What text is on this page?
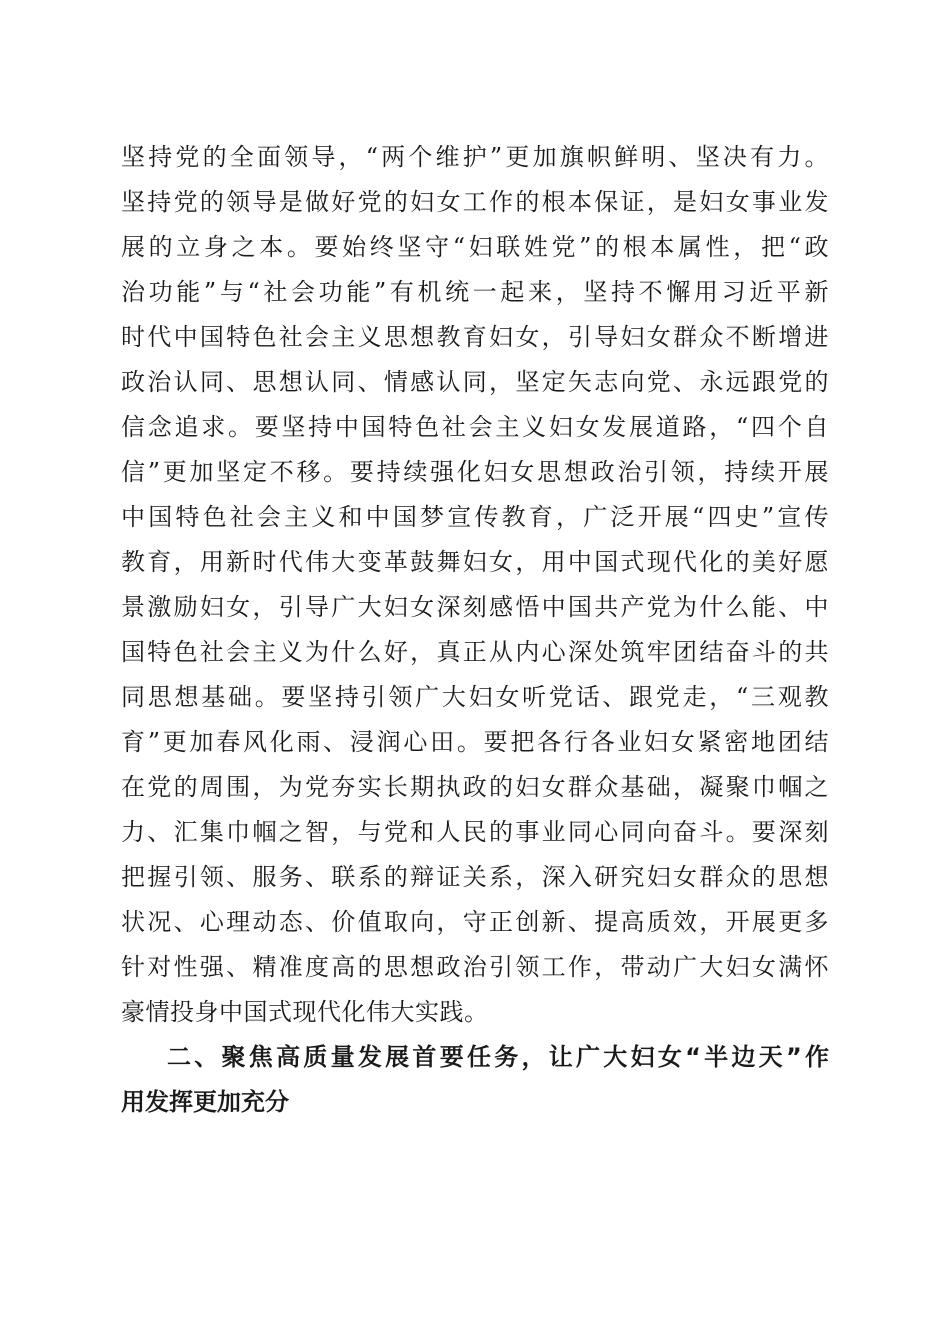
坚持党的全面领导，“两个维护”更加旗帜鲜明、坚决有力。
坚持党的领导是做好党的妇女工作的根本保证，是妇女事业发
展的立身之本。要始终坚守“妇联姓党”的根本属性，把“政
治功能”与“社会功能”有机统一起来，坚持不懈用习近平新
时代中国特色社会主义思想教育妇女，引导妇女群众不断增进
政治认同、思想认同、情感认同，坚定矢志向党、永远跟党的
信念追求。要坚持中国特色社会主义妇女发展道路，“四个自
信”更加坚定不移。要持续强化妇女思想政治引领，持续开展
中国特色社会主义和中国梦宣传教育，广泛开展“四史”宣传
教育，用新时代伟大变革鼓舞妇女，用中国式现代化的美好愿
景激励妇女，引导广大妇女深刻感悟中国共产党为什么能、中
国特色社会主义为什么好，真正从内心深处筑牢团结奋斗的共
同思想基础。要坚持引领广大妇女听党话、跟党走，“三观教
育”更加春风化雨、浸润心田。要把各行各业妇女紧密地团结
在党的周围，为党夯实长期执政的妇女群众基础，凝聚巾帼之
力、汇集巾帼之智，与党和人民的事业同心同向奋斗。要深刻
把握引领、服务、联系的辩证关系，深入研究妇女群众的思想
状况、心理动态、价值取向，守正创新、提高质效，开展更多
针对性强、精准度高的思想政治引领工作，带动广大妇女满怀
豪情投身中国式现代化伟大实践。
二、聚焦高质量发展首要任务，让广大妇女“半边天”作
用发挥更加充分
